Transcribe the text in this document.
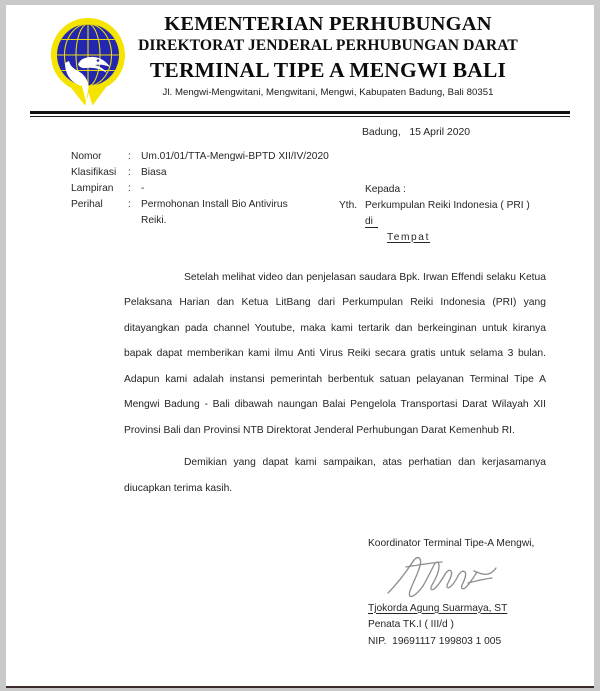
KEMENTERIAN PERHUBUNGAN
DIREKTORAT JENDERAL PERHUBUNGAN DARAT
TERMINAL TIPE A MENGWI BALI
Jl. Mengwi-Mengwitani, Mengwitani, Mengwi, Kabupaten Badung, Bali 80351
Badung,   15 April 2020
Nomor	: Um.01/01/TTA-Mengwi-BPTD XII/IV/2020
Klasifikasi	: Biasa
Lampiran	: -
Perihal	: Permohonan Install Bio Antivirus
Reiki.
Kepada :
Yth. Perkumpulan Reiki Indonesia ( PRI )
di
Tempat

Setelah melihat video dan penjelasan saudara Bpk. Irwan Effendi selaku Ketua Pelaksana Harian dan Ketua LitBang dari Perkumpulan Reiki Indonesia (PRI) yang ditayangkan pada channel Youtube, maka kami tertarik dan berkeinginan untuk kiranya bapak dapat memberikan kami ilmu Anti Virus Reiki secara gratis untuk selama 3 bulan. Adapun kami adalah instansi pemerintah berbentuk satuan pelayanan Terminal Tipe A Mengwi Badung - Bali dibawah naungan Balai Pengelola Transportasi Darat Wilayah XII Provinsi Bali dan Provinsi NTB Direktorat Jenderal Perhubungan Darat Kemenhub RI.

Demikian yang dapat kami sampaikan, atas perhatian dan kerjasamanya diucapkan terima kasih.

Koordinator Terminal Tipe-A Mengwi,
Tjokorda Agung Suarmaya, ST
Penata TK.I ( III/d )
NIP.  19691117 199803 1 005
